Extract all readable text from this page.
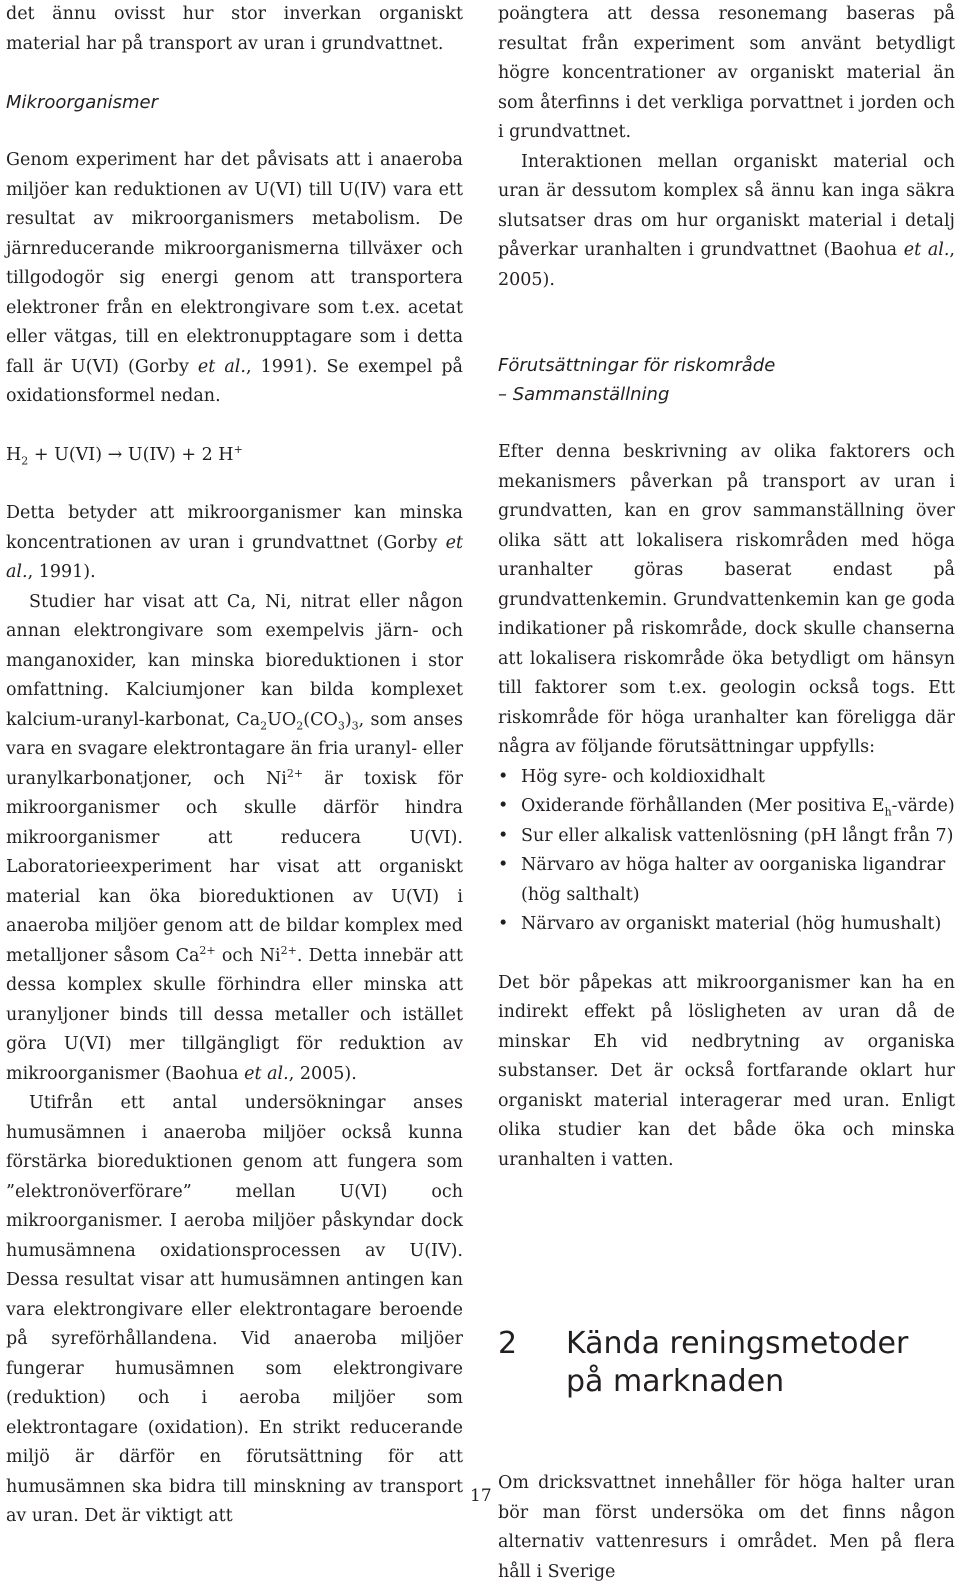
det ännu ovisst hur stor inverkan organiskt material har på transport av uran i grundvattnet.

Mikroorganismer

Genom experiment har det påvisats att i anaeroba miljöer kan reduktionen av U(VI) till U(IV) vara ett resultat av mikroorganismers metabolism. De järnreducerande mikroorganismerna tillväxer och tillgodogör sig energi genom att transportera elektroner från en elektrongivare som t.ex. acetat eller vätgas, till en elektronupptagare som i detta fall är U(VI) (Gorby et al., 1991). Se exempel på oxidationsformel nedan.

$H_2 + U(VI) \to U(IV) + 2$ H+

Detta betyder att mikroorganismer kan minska koncentrationen av uran i grundvattnet (Gorby et al., 1991).

Studier har visat att Ca, Ni, nitrat eller någon annan elektrongivare som exempelvis järn- och manganoxider, kan minska bioreduktionen i stor omfattning. Kalciumjoner kan bilda komplexet kalcium-uranyl-karbonat, $Ca_2UO_2(CO_3)_3$, som anses vara en svagare elektrontagare än fria uranyl- eller uranylkarbonatjoner, och $Ni^{2+}$ är toxisk för mikroorganismer och skulle därför hindra mikroorganismer att reducera U(VI). Laboratorieexperiment har visat att organiskt material kan öka bioreduktionen av U(VI) i anaeroba miljöer genom att de bildar komplex med metalljoner såsom $Ca^{2+}$ och $Ni^{2+}$. Detta innebär att dessa komplex skulle förhindra eller minska att uranyljoner binds till dessa metaller och istället göra U(VI) mer tillgängligt för reduktion av mikroorganismer (Baohua et al., 2005).

Utifrån ett antal undersökningar anses humusämnen i anaeroba miljöer också kunna förstärka bioreduktionen genom att fungera som ”elektronöverförare” mellan U(VI) och mikroorganismer. I aeroba miljöer påskyndar dock humusämnena oxidationsprocessen av U(IV). Dessa resultat visar att humusämnen antingen kan vara elektrongivare eller elektrontagare beroende på syreförhållandena. Vid anaeroba miljöer fungerar humusämnen som elektrongivare (reduktion) och i aeroba miljöer som elektrontagare (oxidation). En strikt reducerande miljö är därför en förutsättning för att humusämnen ska bidra till minskning av transport av uran. Det är viktigt att

poängtera att dessa resonemang baseras på resultat från experiment som använt betydligt högre koncentrationer av organiskt material än som återfinns i det verkliga porvattnet i jorden och i grundvattnet.

Interaktionen mellan organiskt material och uran är dessutom komplex så ännu kan inga säkra slutsatser dras om hur organiskt material i detalj påverkar uranhalten i grundvattnet (Baohua et al., 2005).

Förutsättningar för riskområde
– Sammanställning

Efter denna beskrivning av olika faktorers och mekanismers påverkan på transport av uran i grundvatten, kan en grov sammanställning över olika sätt att lokalisera riskområden med höga uranhalter göras baserat endast på grundvattenkemin. Grundvattenkemin kan ge goda indikationer på riskområde, dock skulle chanserna att lokalisera riskområde öka betydligt om hänsyn till faktorer som t.ex. geologin också togs. Ett riskområde för höga uranhalter kan föreligga där några av följande förutsättningar uppfylls:

• Hög syre- och koldioxidhalt
• Oxiderande förhållanden (Mer positiva $E_h-värde$)
• Sur eller alkalisk vattenlösning (pH långt från 7)
• Närvaro av höga halter av oorganiska ligandrar (hög salthalt)
• Närvaro av organiskt material (hög humushalt)

Det bör påpekas att mikroorganismer kan ha en indirekt effekt på lösligheten av uran då de minskar Eh vid nedbrytning av organiska substanser. Det är också fortfarande oklart hur organiskt material interagerar med uran. Enligt olika studier kan det både öka och minska uranhalten i vatten.

2	Kända reningsmetoder på marknaden

Om dricksvattnet innehåller för höga halter uran bör man först undersöka om det finns någon alternativ vattenresurs i området. Men på flera håll i Sverige

17
